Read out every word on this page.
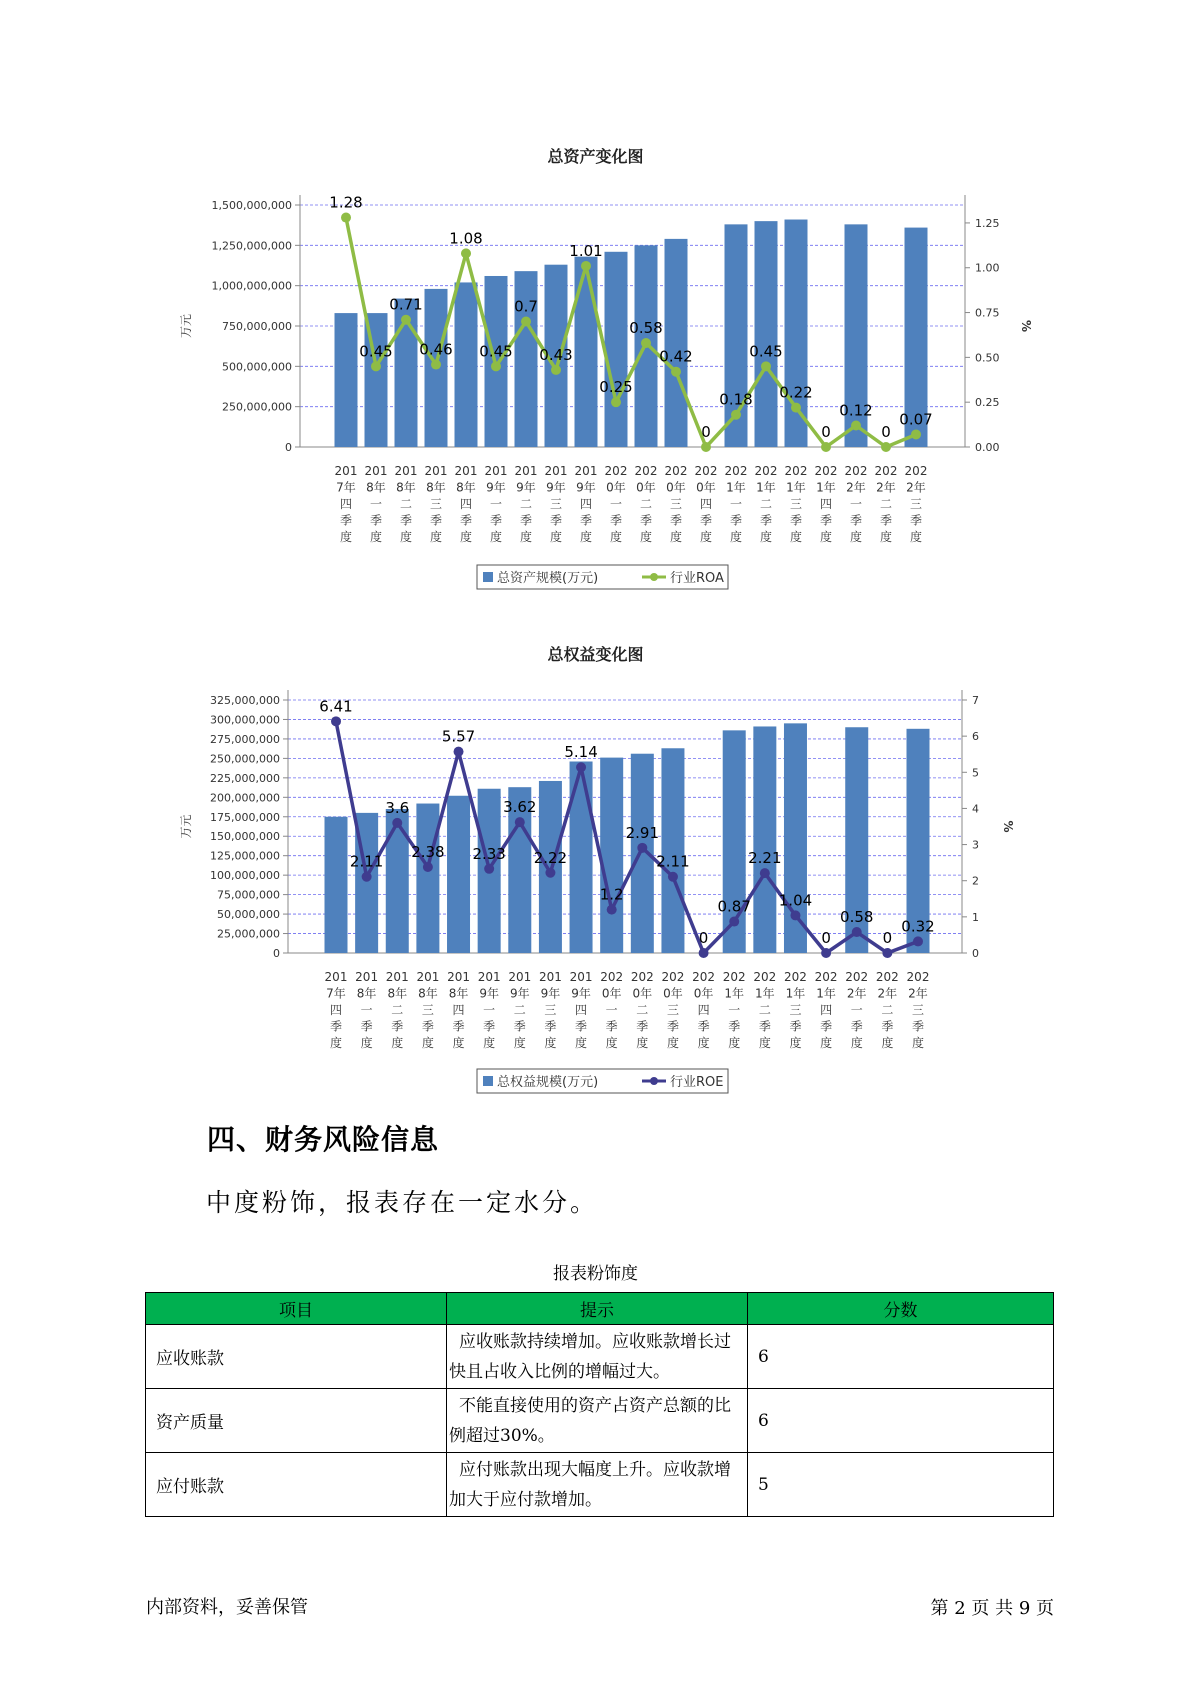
总资产变化图
0
250,000,000
500,000,000
750,000,000
1,000,000,000
1,250,000,000
1,500,000,000
0.00
0.25
0.50
0.75
1.00
1.25
万元	%
201
7年
四
季
度
201
8年
一
季
度
201
8年
二
季
度
201
8年
三
季
度
201
8年
四
季
度
201
9年
一
季
度
201
9年
二
季
度
201
9年
三
季
度
201
9年
四
季
度
202
0年
一
季
度
202
0年
二
季
度
202
0年
三
季
度
202
0年
四
季
度
202
1年
一
季
度
202
1年
二
季
度
202
1年
三
季
度
202
1年
四
季
度
202
2年
一
季
度
202
2年
二
季
度
202
2年
三
季
度
1.28
0.45
0.71
0.46
1.08
0.45
0.7
0.43
1.01
0.25
0.58
0.42
0
0.18
0.45
0.22
0
0.12
0
0.07
总资产规模(万元)	行业ROA
总权益变化图
0
25,000,000
50,000,000
75,000,000
100,000,000
125,000,000
150,000,000
175,000,000
200,000,000
225,000,000
250,000,000
275,000,000
300,000,000
325,000,000
0
1
2
3
4
5
6
7
万元	%
201
7年
四
季
度
201
8年
一
季
度
201
8年
二
季
度
201
8年
三
季
度
201
8年
四
季
度
201
9年
一
季
度
201
9年
二
季
度
201
9年
三
季
度
201
9年
四
季
度
202
0年
一
季
度
202
0年
二
季
度
202
0年
三
季
度
202
0年
四
季
度
202
1年
一
季
度
202
1年
二
季
度
202
1年
三
季
度
202
1年
四
季
度
202
2年
一
季
度
202
2年
二
季
度
202
2年
三
季
度
6.41
2.11
3.6
2.38
5.57
2.33
3.62
2.22
5.14
1.2
2.91
2.11
0
0.87
2.21
1.04
0
0.58
0
0.32
总权益规模(万元)	行业ROE
四、财务风险信息
中度粉饰，报表存在一定水分。
报表粉饰度
项目	提示	分数
应收账款	应收账款持续增加。应收账款增长过快且占收入比例的增幅过大。	6
资产质量	不能直接使用的资产占资产总额的比例超过30%。	6
应付账款	应付账款出现大幅度上升。应收款增加大于应付款增加。	5
内部资料，妥善保管	第 2 页 共 9 页
